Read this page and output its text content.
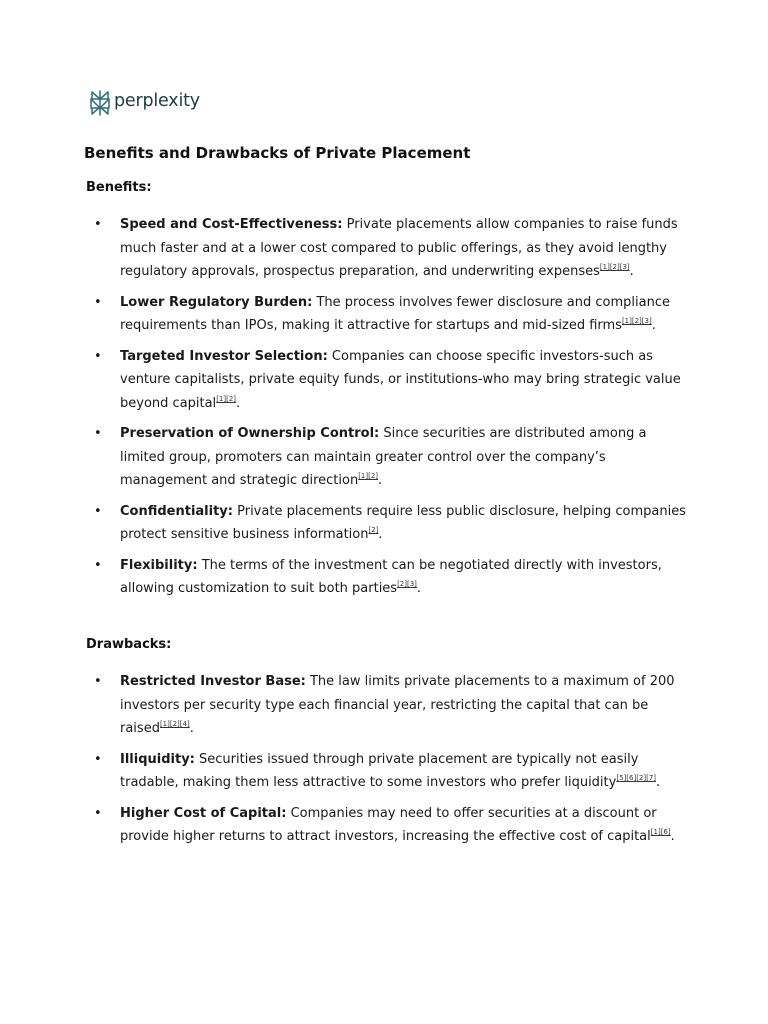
perplexity
Benefits and Drawbacks of Private Placement
Benefits:
• Speed and Cost-Effectiveness: Private placements allow companies to raise funds much faster and at a lower cost compared to public offerings, as they avoid lengthy regulatory approvals, prospectus preparation, and underwriting expenses[1][2][3].
• Lower Regulatory Burden: The process involves fewer disclosure and compliance requirements than IPOs, making it attractive for startups and mid-sized firms[1][2][3].
• Targeted Investor Selection: Companies can choose specific investors-such as venture capitalists, private equity funds, or institutions-who may bring strategic value beyond capital[1][2].
• Preservation of Ownership Control: Since securities are distributed among a limited group, promoters can maintain greater control over the company’s management and strategic direction[1][2].
• Confidentiality: Private placements require less public disclosure, helping companies protect sensitive business information[2].
• Flexibility: The terms of the investment can be negotiated directly with investors, allowing customization to suit both parties[2][3].
Drawbacks:
• Restricted Investor Base: The law limits private placements to a maximum of 200 investors per security type each financial year, restricting the capital that can be raised[1][2][4].
• Illiquidity: Securities issued through private placement are typically not easily tradable, making them less attractive to some investors who prefer liquidity[5][6][2][7].
• Higher Cost of Capital: Companies may need to offer securities at a discount or provide higher returns to attract investors, increasing the effective cost of capital[1][6].
